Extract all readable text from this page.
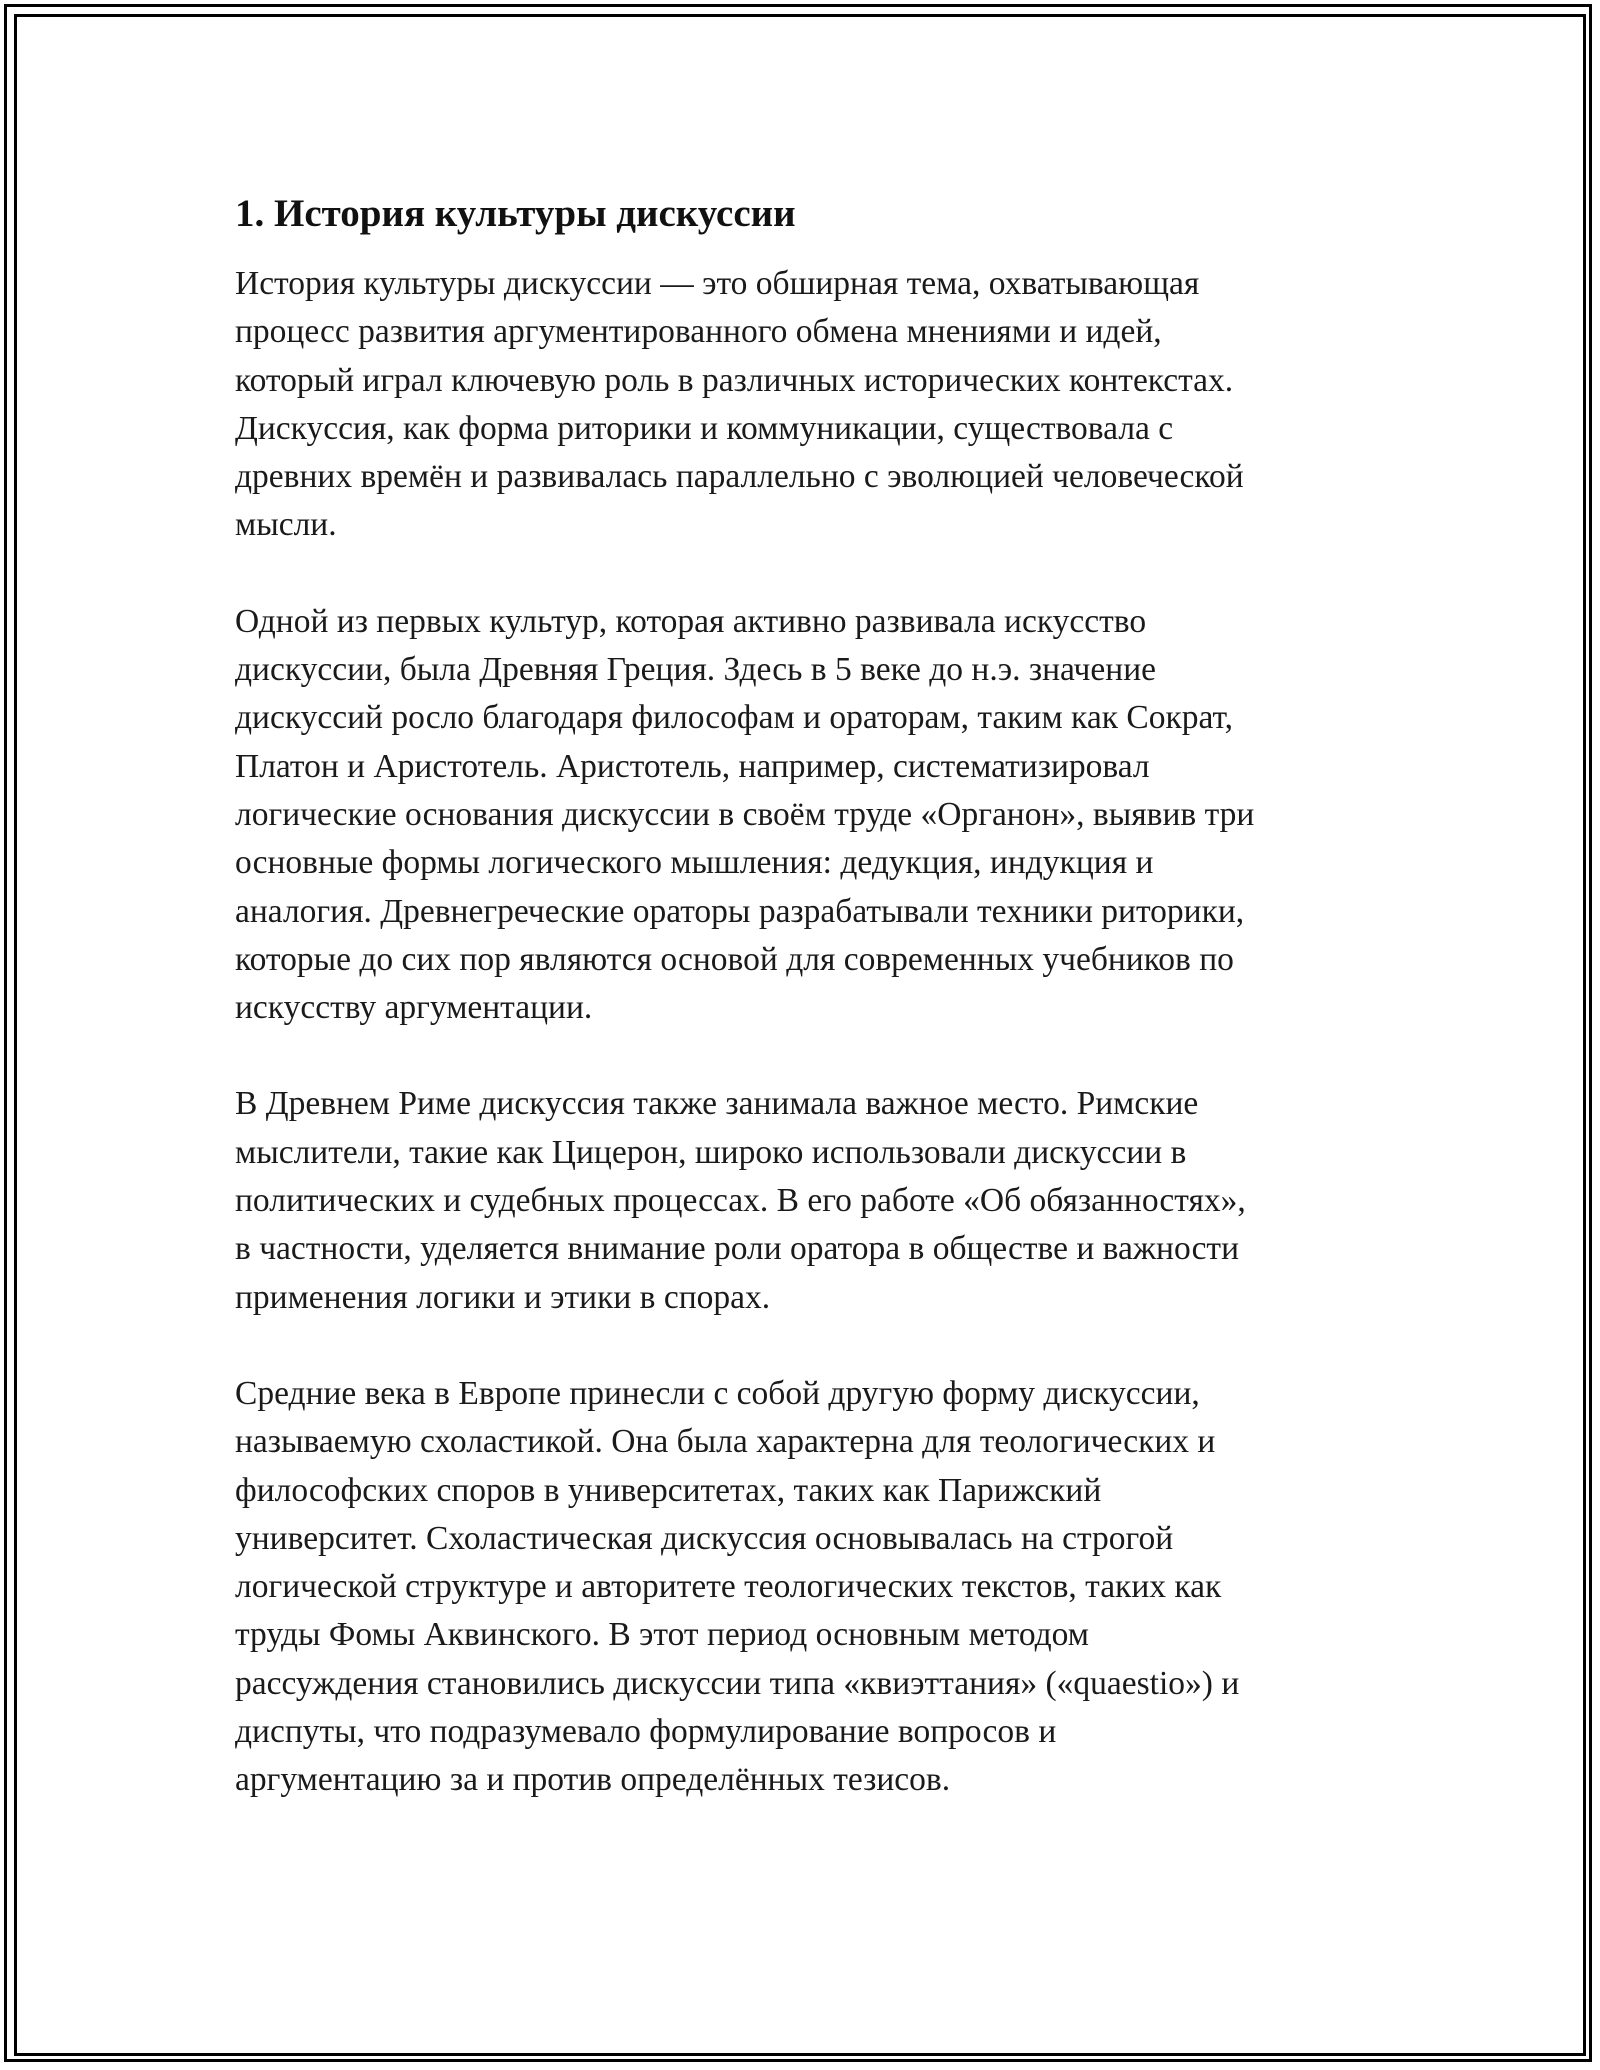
1. История культуры дискуссии

История культуры дискуссии — это обширная тема, охватывающая
процесс развития аргументированного обмена мнениями и идей,
который играл ключевую роль в различных исторических контекстах.
Дискуссия, как форма риторики и коммуникации, существовала с
древних времён и развивалась параллельно с эволюцией человеческой
мысли.

Одной из первых культур, которая активно развивала искусство
дискуссии, была Древняя Греция. Здесь в 5 веке до н.э. значение
дискуссий росло благодаря философам и ораторам, таким как Сократ,
Платон и Аристотель. Аристотель, например, систематизировал
логические основания дискуссии в своём труде «Органон», выявив три
основные формы логического мышления: дедукция, индукция и
аналогия. Древнегреческие ораторы разрабатывали техники риторики,
которые до сих пор являются основой для современных учебников по
искусству аргументации.

В Древнем Риме дискуссия также занимала важное место. Римские
мыслители, такие как Цицерон, широко использовали дискуссии в
политических и судебных процессах. В его работе «Об обязанностях»,
в частности, уделяется внимание роли оратора в обществе и важности
применения логики и этики в спорах.

Средние века в Европе принесли с собой другую форму дискуссии,
называемую схоластикой. Она была характерна для теологических и
философских споров в университетах, таких как Парижский
университет. Схоластическая дискуссия основывалась на строгой
логической структуре и авторитете теологических текстов, таких как
труды Фомы Аквинского. В этот период основным методом
рассуждения становились дискуссии типа «квиэттания» («quaestio») и
диспуты, что подразумевало формулирование вопросов и
аргументацию за и против определённых тезисов.
